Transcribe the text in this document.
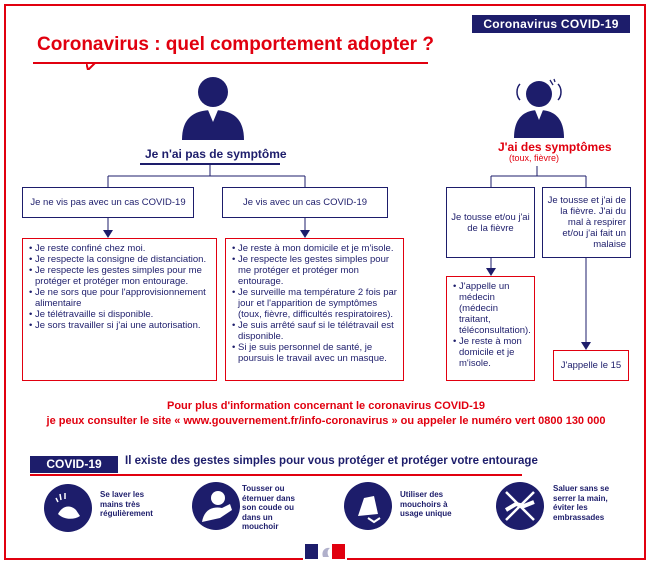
Coronavirus COVID-19
Coronavirus : quel comportement adopter ?
Je n'ai pas de symptôme
Je ne vis pas avec un cas COVID-19	Je vis avec un cas COVID-19
• Je reste confiné chez moi.
• Je respecte la consigne de distanciation.
• Je respecte les gestes simples pour me protéger et protéger mon entourage.
• Je ne sors que pour l'approvisionnement alimentaire
• Je télétravaille si disponible.
• Je sors travailler si j'ai une autorisation.
• Je reste à mon domicile et je m'isole.
• Je respecte les gestes simples pour me protéger et protéger mon entourage.
• Je surveille ma température 2 fois par jour et l'apparition de symptômes (toux, fièvre, difficultés respiratoires).
• Je suis arrêté sauf si le télétravail est disponible.
• Si je suis personnel de santé, je poursuis le travail avec un masque.
J'ai des symptômes
(toux, fièvre)
Je tousse et/ou j'ai de la fièvre
Je tousse et j'ai de la fièvre. J'ai du mal à respirer et/ou j'ai fait un malaise
• J'appelle un médecin (médecin traitant, téléconsultation).
• Je reste à mon domicile et je m'isole.	J'appelle le 15
Pour plus d'information concernant le coronavirus COVID-19
je peux consulter le site « www.gouvernement.fr/info-coronavirus » ou appeler le numéro vert 0800 130 000
COVID-19	Il existe des gestes simples pour vous protéger et protéger votre entourage
Se laver les mains très régulièrement
Tousser ou éternuer dans son coude ou dans un mouchoir
Utiliser des mouchoirs à usage unique
Saluer sans se serrer la main, éviter les embrassades
